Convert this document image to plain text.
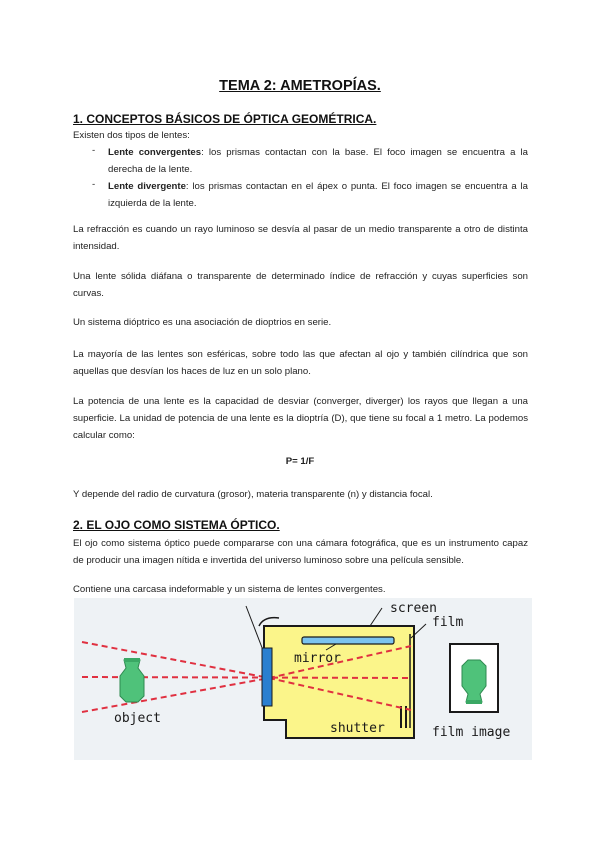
TEMA 2: AMETROPÍAS.
1. CONCEPTOS BÁSICOS DE ÓPTICA GEOMÉTRICA.
Existen dos tipos de lentes:
- Lente convergentes: los prismas contactan con la base. El foco imagen se encuentra a la derecha de la lente.
- Lente divergente: los prismas contactan en el ápex o punta. El foco imagen se encuentra a la izquierda de la lente.
La refracción es cuando un rayo luminoso se desvía al pasar de un medio transparente a otro de distinta intensidad.
Una lente sólida diáfana o transparente de determinado índice de refracción y cuyas superficies son curvas.
Un sistema dióptrico es una asociación de dioptrios en serie.
La mayoría de las lentes son esféricas, sobre todo las que afectan al ojo y también cilíndrica que son aquellas que desvían los haces de luz en un solo plano.
La potencia de una lente es la capacidad de desviar (converger, diverger) los rayos que llegan a una superficie. La unidad de potencia de una lente es la dioptría (D), que tiene su focal a 1 metro. La podemos calcular como:
P= 1/F
Y depende del radio de curvatura (grosor), materia transparente (n) y distancia focal.
2. EL OJO COMO SISTEMA ÓPTICO.
El ojo como sistema óptico puede compararse con una cámara fotográfica, que es un instrumento capaz de producir una imagen nítida e invertida del universo luminoso sobre una película sensible.
Contiene una carcasa indeformable y un sistema de lentes convergentes.
screen
film
mirror
object
shutter	film image
